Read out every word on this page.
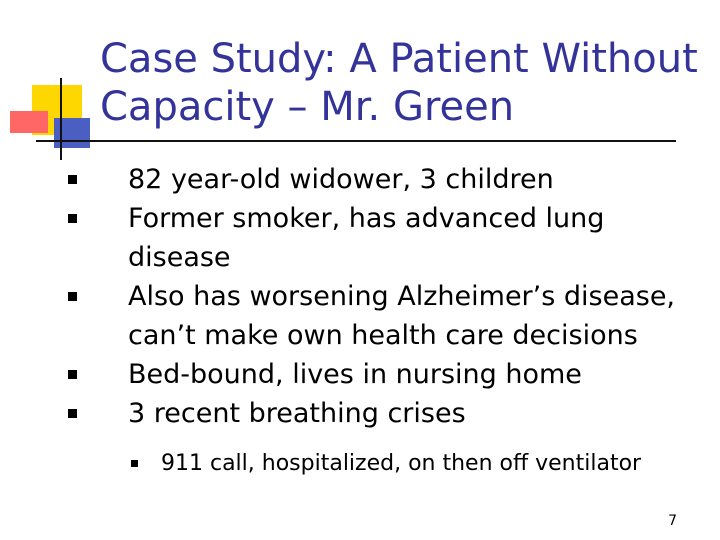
Case Study: A Patient Without
Capacity – Mr. Green
82 year-old widower, 3 children
Former smoker, has advanced lung
disease
Also has worsening Alzheimer’s disease,
can’t make own health care decisions
Bed-bound, lives in nursing home
3 recent breathing crises
911 call, hospitalized, on then off ventilator
7
